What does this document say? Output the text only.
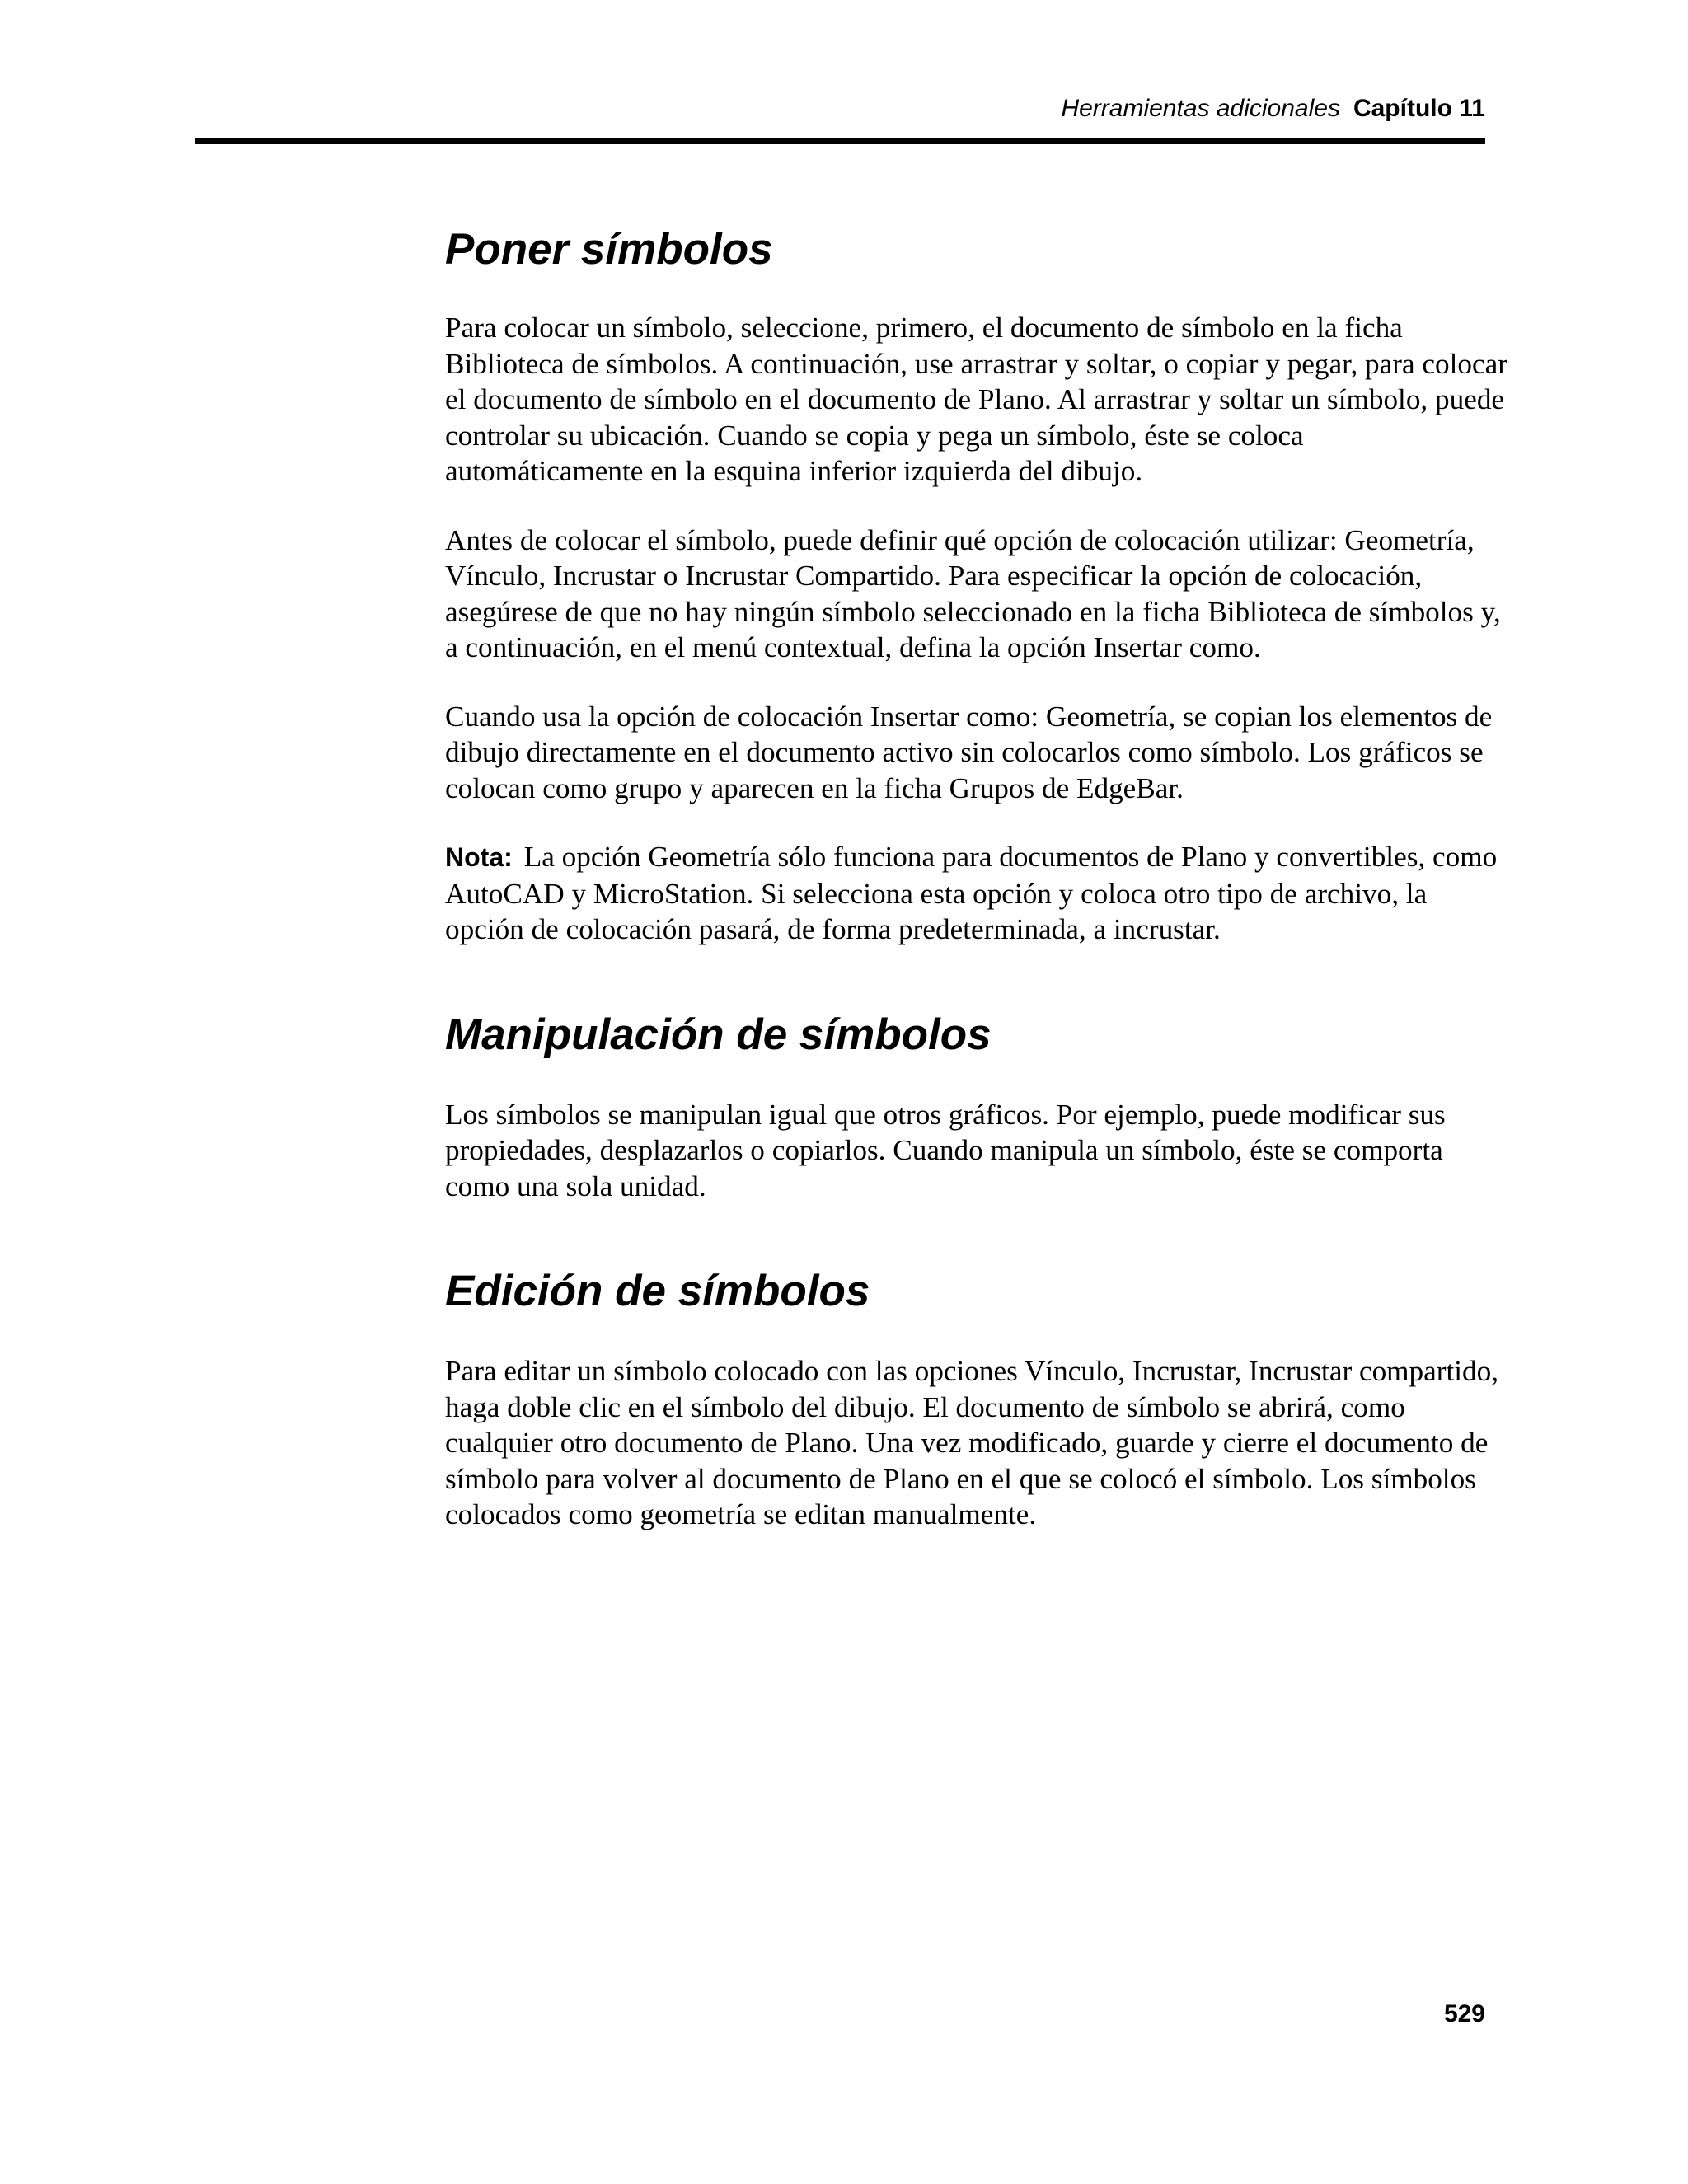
Herramientas adicionales Capítulo 11
Poner símbolos

Para colocar un símbolo, seleccione, primero, el documento de símbolo en la ficha Biblioteca de símbolos. A continuación, use arrastrar y soltar, o copiar y pegar, para colocar el documento de símbolo en el documento de Plano. Al arrastrar y soltar un símbolo, puede controlar su ubicación. Cuando se copia y pega un símbolo, éste se coloca automáticamente en la esquina inferior izquierda del dibujo.

Antes de colocar el símbolo, puede definir qué opción de colocación utilizar: Geometría, Vínculo, Incrustar o Incrustar Compartido. Para especificar la opción de colocación, asegúrese de que no hay ningún símbolo seleccionado en la ficha Biblioteca de símbolos y, a continuación, en el menú contextual, defina la opción Insertar como.

Cuando usa la opción de colocación Insertar como: Geometría, se copian los elementos de dibujo directamente en el documento activo sin colocarlos como símbolo. Los gráficos se colocan como grupo y aparecen en la ficha Grupos de EdgeBar.

Nota: La opción Geometría sólo funciona para documentos de Plano y convertibles, como AutoCAD y MicroStation. Si selecciona esta opción y coloca otro tipo de archivo, la opción de colocación pasará, de forma predeterminada, a incrustar.

Manipulación de símbolos

Los símbolos se manipulan igual que otros gráficos. Por ejemplo, puede modificar sus propiedades, desplazarlos o copiarlos. Cuando manipula un símbolo, éste se comporta como una sola unidad.

Edición de símbolos

Para editar un símbolo colocado con las opciones Vínculo, Incrustar, Incrustar compartido, haga doble clic en el símbolo del dibujo. El documento de símbolo se abrirá, como cualquier otro documento de Plano. Una vez modificado, guarde y cierre el documento de símbolo para volver al documento de Plano en el que se colocó el símbolo. Los símbolos colocados como geometría se editan manualmente.

529
